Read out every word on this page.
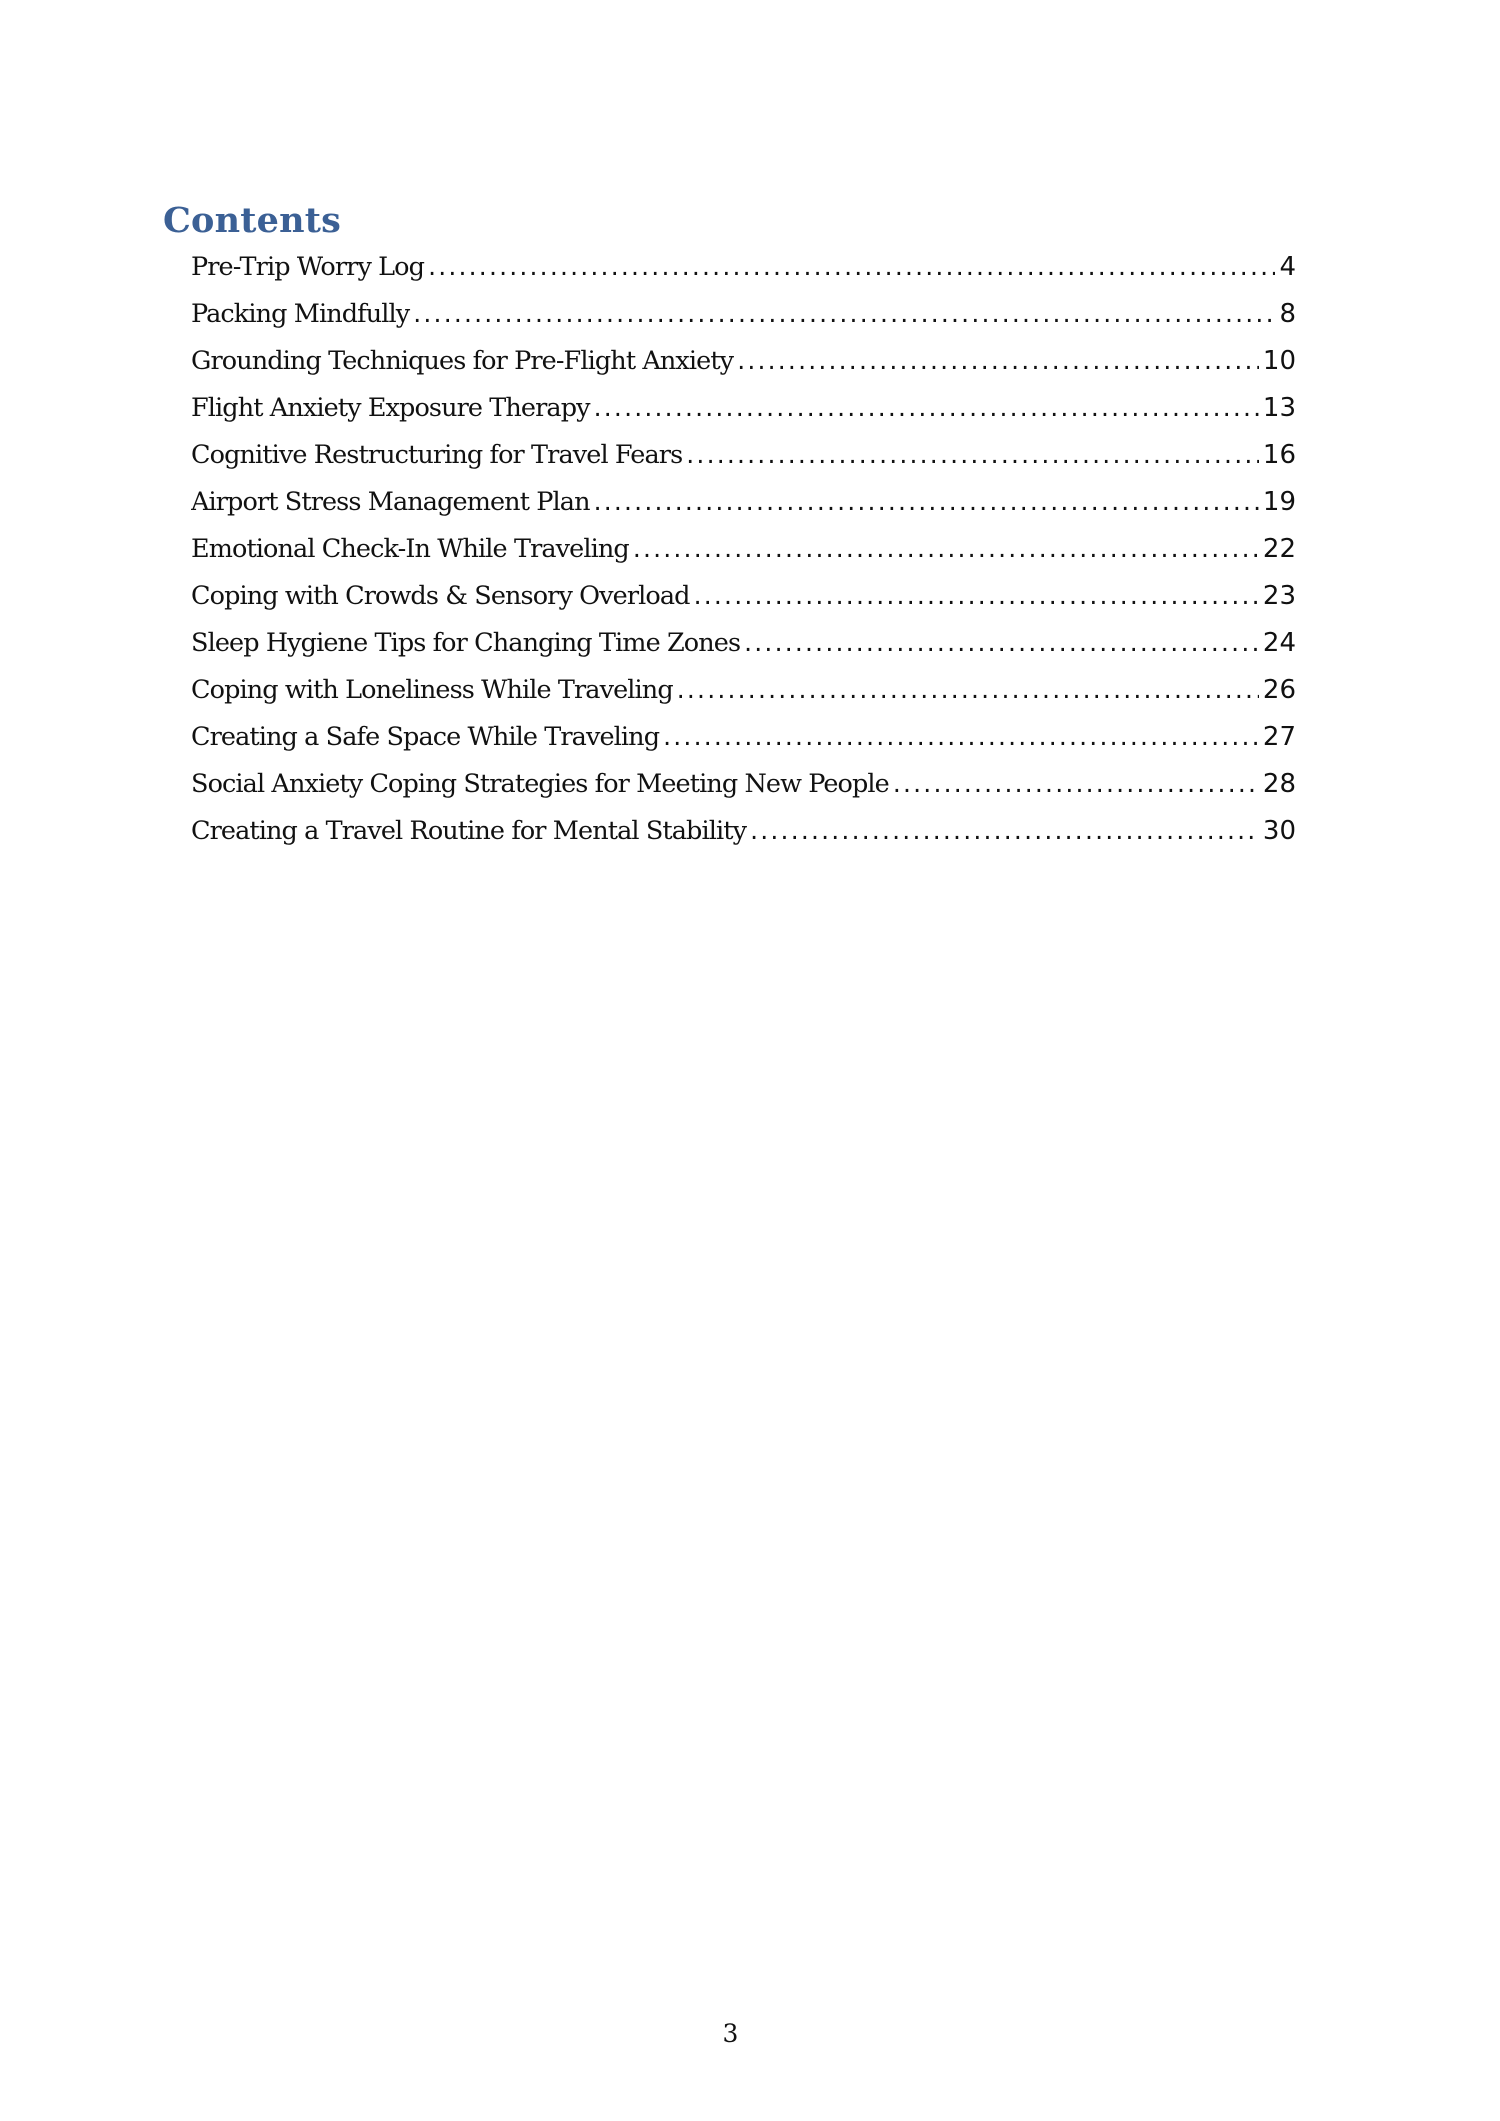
Contents
Pre-Trip Worry Log .....	4
Packing Mindfully .....	8
Grounding Techniques for Pre-Flight Anxiety .....	10
Flight Anxiety Exposure Therapy .....	13
Cognitive Restructuring for Travel Fears .....	16
Airport Stress Management Plan .....	19
Emotional Check-In While Traveling .....	22
Coping with Crowds & Sensory Overload .....	23
Sleep Hygiene Tips for Changing Time Zones .....	24
Coping with Loneliness While Traveling .....	26
Creating a Safe Space While Traveling .....	27
Social Anxiety Coping Strategies for Meeting New People .....	28
Creating a Travel Routine for Mental Stability .....	30
3
